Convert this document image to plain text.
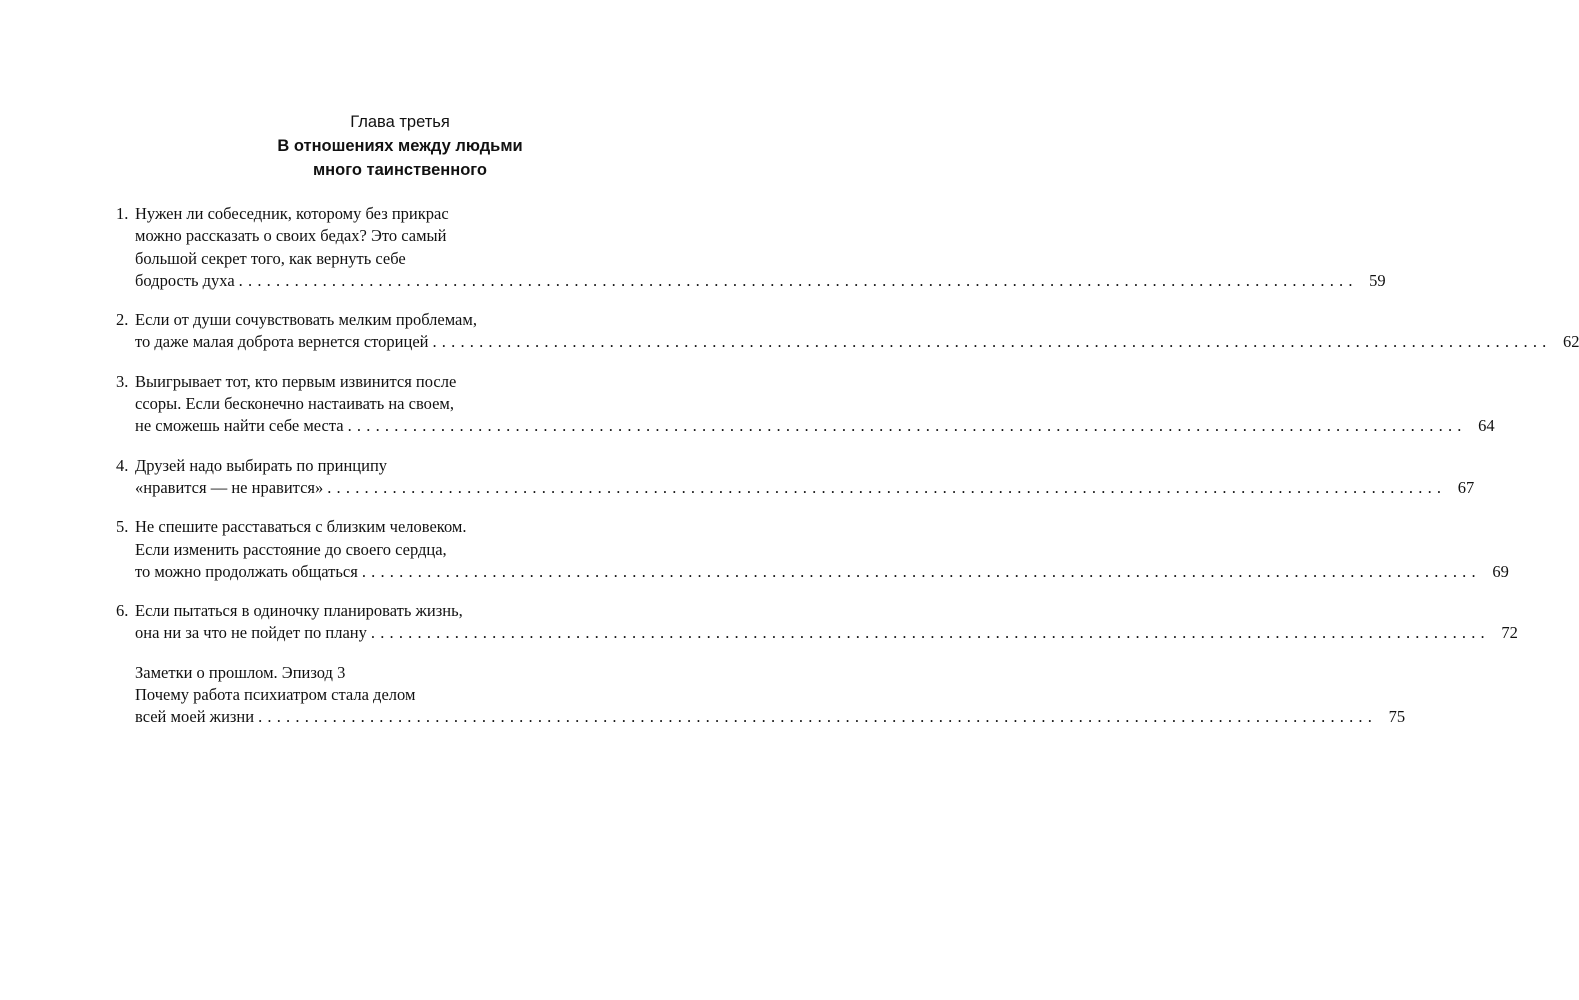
Глава третья
В отношениях между людьми
много таинственного
1. Нужен ли собеседник, которому без прикрас
можно рассказать о своих бедах? Это самый
большой секрет того, как вернуть себе
бодрость духа ........................................................................................................................ 59
2. Если от души сочувствовать мелким проблемам,
то даже малая доброта вернется сторицей ........................................................................................................................ 62
3. Выигрывает тот, кто первым извинится после
ссоры. Если бесконечно настаивать на своем,
не сможешь найти себе места ........................................................................................................................ 64
4. Друзей надо выбирать по принципу
«нравится — не нравится» ........................................................................................................................ 67
5. Не спешите расставаться с близким человеком.
Если изменить расстояние до своего сердца,
то можно продолжать общаться ........................................................................................................................ 69
6. Если пытаться в одиночку планировать жизнь,
она ни за что не пойдет по плану ........................................................................................................................ 72
Заметки о прошлом. Эпизод 3
Почему работа психиатром стала делом
всей моей жизни ........................................................................................................................ 75
